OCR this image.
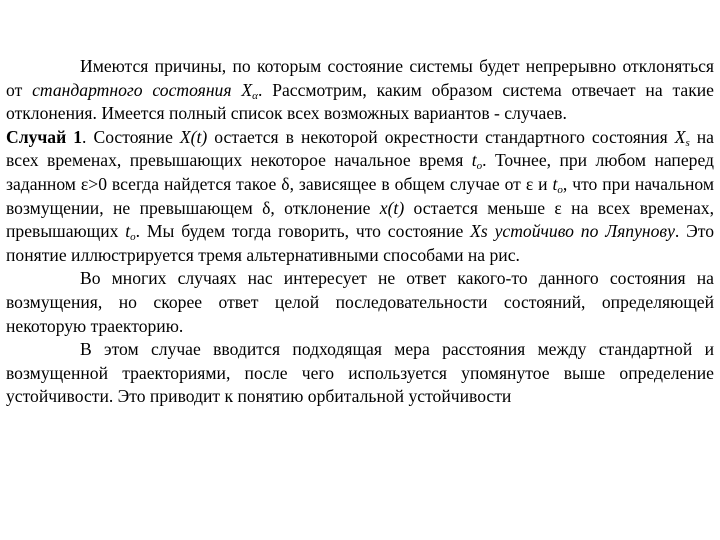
Имеются причины, по которым состояние системы будет непрерывно отклоняться от стандартного состояния $X_\alpha$. Рассмотрим, каким образом система отвечает на такие отклонения. Имеется полный список всех возможных вариантов - случаев.

Случай 1. Состояние X(t) остается в некоторой окрестности стандартного состояния $X_s$ на всех временах, превышающих некоторое начальное время $t_o$. Точнее, при любом наперед заданном ε>0 всегда найдется такое δ, зависящее в общем случае от ε и $t_o$, что при начальном возмущении, не превышающем δ, отклонение x(t) остается меньше ε на всех временах, превышающих $t_o$. Мы будем тогда говорить, что состояние Xs устойчиво по Ляпунову. Это понятие иллюстрируется тремя альтернативными способами на рис.

Во многих случаях нас интересует не ответ какого-то данного состояния на возмущения, но скорее ответ целой последовательности состояний, определяющей некоторую траекторию.

В этом случае вводится подходящая мера расстояния между стандартной и возмущенной траекториями, после чего используется упомянутое выше определение устойчивости. Это приводит к понятию орбитальной устойчивости
